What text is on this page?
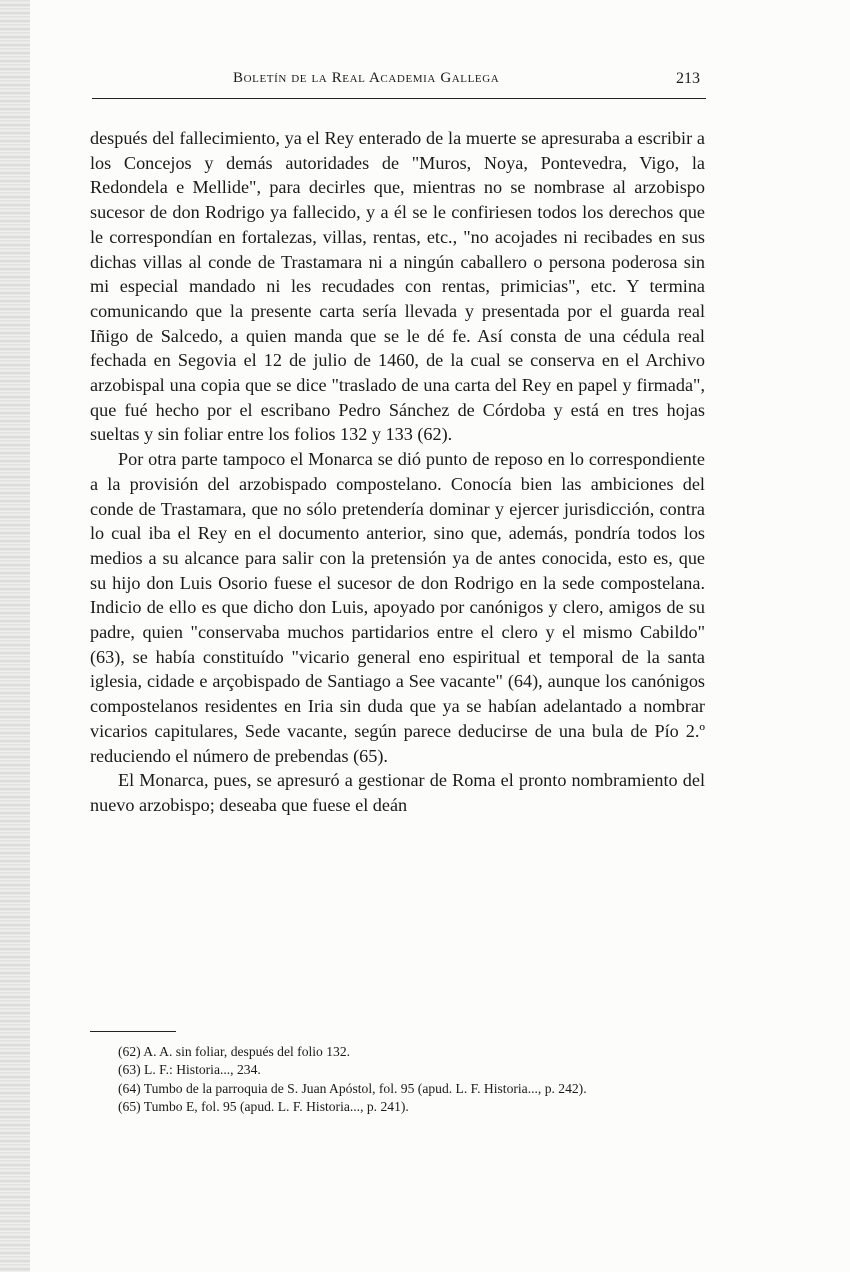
Boletín de la Real Academia Gallega	213

después del fallecimiento, ya el Rey enterado de la muerte se apresuraba a escribir a los Concejos y demás autoridades de "Muros, Noya, Pontevedra, Vigo, la Redondela e Mellide", para decirles que, mientras no se nombrase al arzobispo sucesor de don Rodrigo ya fallecido, y a él se le confiriesen todos los derechos que le correspondían en fortalezas, villas, rentas, etc., "no acojades ni recibades en sus dichas villas al conde de Trastamara ni a ningún caballero o persona poderosa sin mi especial mandado ni les recudades con rentas, primicias", etc. Y termina comunicando que la presente carta sería llevada y presentada por el guarda real Iñigo de Salcedo, a quien manda que se le dé fe. Así consta de una cédula real fechada en Segovia el 12 de julio de 1460, de la cual se conserva en el Archivo arzobispal una copia que se dice "traslado de una carta del Rey en papel y firmada", que fué hecho por el escribano Pedro Sánchez de Córdoba y está en tres hojas sueltas y sin foliar entre los folios 132 y 133 (62).

Por otra parte tampoco el Monarca se dió punto de reposo en lo correspondiente a la provisión del arzobispado compostelano. Conocía bien las ambiciones del conde de Trastamara, que no sólo pretendería dominar y ejercer jurisdicción, contra lo cual iba el Rey en el documento anterior, sino que, además, pondría todos los medios a su alcance para salir con la pretensión ya de antes conocida, esto es, que su hijo don Luis Osorio fuese el sucesor de don Rodrigo en la sede compostelana. Indicio de ello es que dicho don Luis, apoyado por canónigos y clero, amigos de su padre, quien "conservaba muchos partidarios entre el clero y el mismo Cabildo" (63), se había constituído "vicario general eno espiritual et temporal de la santa iglesia, cidade e arçobispado de Santiago a See vacante" (64), aunque los canónigos compostelanos residentes en Iria sin duda que ya se habían adelantado a nombrar vicarios capitulares, Sede vacante, según parece deducirse de una bula de Pío 2.º reduciendo el número de prebendas (65).

El Monarca, pues, se apresuró a gestionar de Roma el pronto nombramiento del nuevo arzobispo; deseaba que fuese el deán

(62) A. A. sin foliar, después del folio 132.

(63) L. F.: Historia..., 234.

(64) Tumbo de la parroquia de S. Juan Apóstol, fol. 95 (apud. L. F. Historia..., p. 242).

(65) Tumbo E, fol. 95 (apud. L. F. Historia..., p. 241).
